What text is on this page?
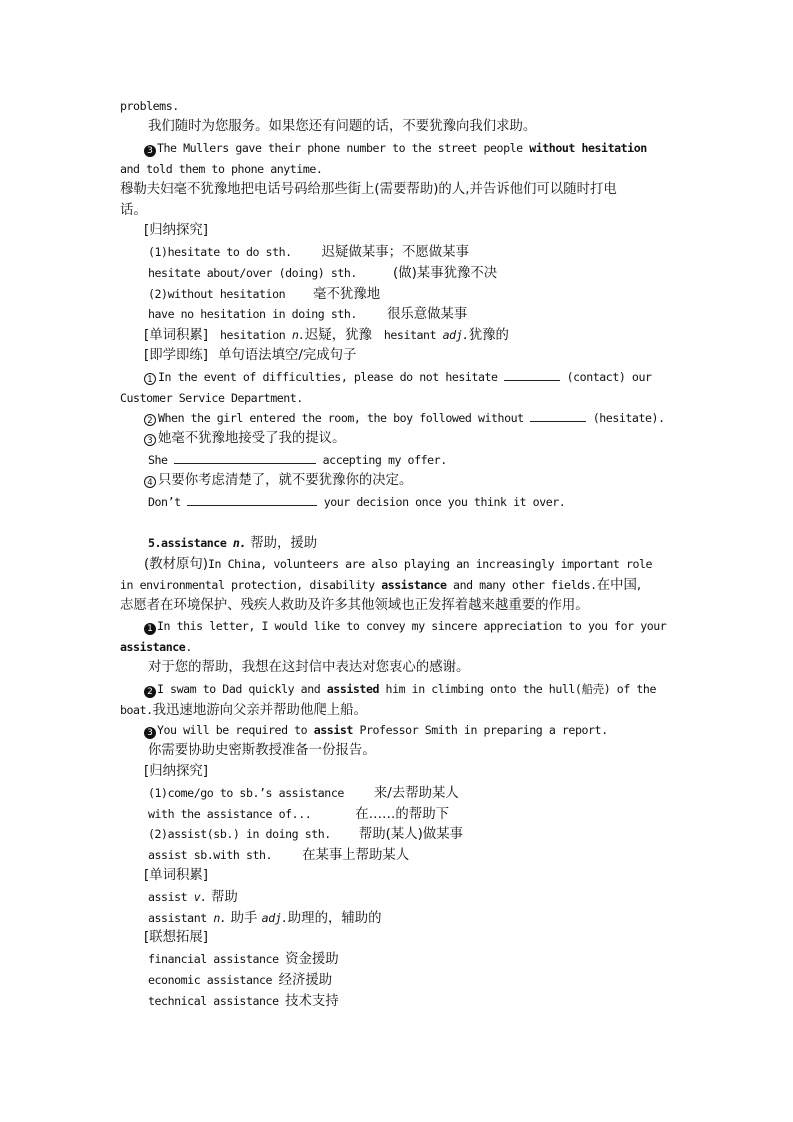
problems.
我们随时为您服务。如果您还有问题的话，不要犹豫向我们求助。
3 The Mullers gave their phone number to the street people without hesitation
and told them to phone anytime.
穆勒夫妇毫不犹豫地把电话号码给那些街上(需要帮助)的人,并告诉他们可以随时打电
话。
[归纳探究]
(1)hesitate to do sth. 迟疑做某事；不愿做某事
hesitate about/over (doing) sth.	(做)某事犹豫不决
(2)without hesitation 毫不犹豫地
have no hesitation in doing sth. 很乐意做某事
[单词积累] hesitation n.迟疑，犹豫 hesitant adj.犹豫的
[即学即练] 单句语法填空/完成句子
1 In the event of difficulties, please do not hesitate	(contact) our
Customer Service Department.
2 When the girl entered the room, the boy followed without	(hesitate).
3 她毫不犹豫地接受了我的提议。
She	accepting my offer.
4 只要你考虑清楚了，就不要犹豫你的决定。
Don’t	your decision once you think it over.
5.assistance n. 帮助，援助
(教材原句)In China, volunteers are also playing an increasingly important role
in environmental protection, disability assistance and many other fields.在中国,
志愿者在环境保护、残疾人救助及许多其他领域也正发挥着越来越重要的作用。
1 In this letter, I would like to convey my sincere appreciation to you for your
assistance.
对于您的帮助，我想在这封信中表达对您衷心的感谢。
2 I swam to Dad quickly and assisted him in climbing onto the hull(船壳) of the
boat.我迅速地游向父亲并帮助他爬上船。
3 You will be required to assist Professor Smith in preparing a report.
你需要协助史密斯教授准备一份报告。
[归纳探究]
(1)come/go to sb.’s assistance 来/去帮助某人
with the assistance of...	在……的帮助下
(2)assist(sb.) in doing sth. 帮助(某人)做某事
assist sb.with sth. 在某事上帮助某人
[单词积累]
assist v. 帮助
assistant n. 助手 adj.助理的，辅助的
[联想拓展]
financial assistance 资金援助
economic assistance 经济援助
technical assistance 技术支持
